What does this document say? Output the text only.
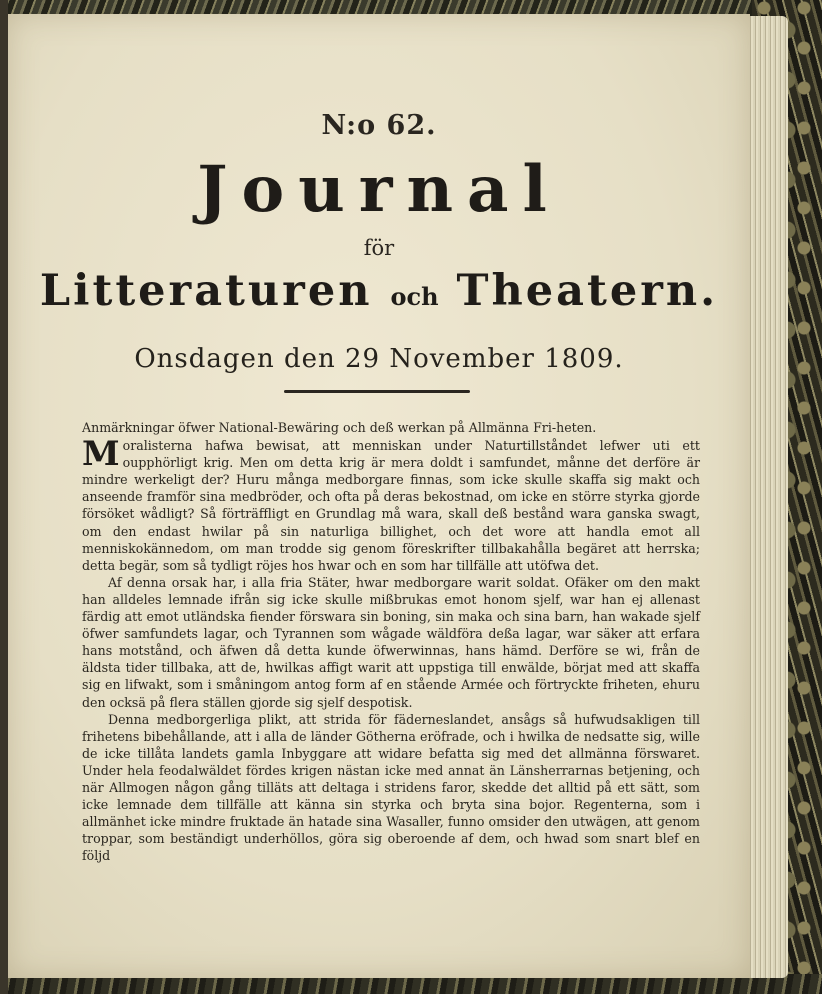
N:o 62.
Journal
för
Litteraturen och Theatern.
Onsdagen den 29 November 1809.

Anmärkningar öfwer National-Bewäring och deß werkan på Allmänna Fri-heten.

M oralisterna hafwa bewisat, att menniskan under Naturtillståndet lefwer uti ett oupphörligt krig. Men om detta krig är mera doldt i samfundet, månne det derföre är mindre werkeligt der? Huru många medborgare finnas, som icke skulle skaffa sig makt och anseende framför sina medbröder, och ofta på deras bekostnad, om icke en större styrka gjorde försöket wådligt? Så förträffligt en Grundlag må wara, skall deß bestånd wara ganska swagt, om den endast hwilar på sin naturliga billighet, och det wore att handla emot all menniskokännedom, om man trodde sig genom föreskrifter tillbakahålla begäret att herrska; detta begär, som så tydligt röjes hos hwar och en som har tillfälle att utöfwa det.

Af denna orsak har, i alla fria Stäter, hwar medborgare warit soldat. Ofäker om den makt han alldeles lemnade ifrån sig icke skulle mißbrukas emot honom sjelf, war han ej allenast färdig att emot utländska fiender förswara sin boning, sin maka och sina barn, han wakade sjelf öfwer samfundets lagar, och Tyrannen som wågade wäldföra deßa lagar, war säker att erfara hans motstånd, och äfwen då detta kunde öfwerwinnas, hans hämd. Derföre se wi, från de äldsta tider tillbaka, att de, hwilkas affigt warit att uppstiga till enwälde, börjat med att skaffa sig en lifwakt, som i småningom antog form af en stående Armée och förtryckte friheten, ehuru den ocksä på flera ställen gjorde sig sjelf despotisk.

Denna medborgerliga plikt, att strida för fäderneslandet, ansågs så hufwudsakligen till frihetens bibehållande, att i alla de länder Götherna eröfrade, och i hwilka de nedsatte sig, wille de icke tillåta landets gamla Inbyggare att widare befatta sig med det allmänna förswaret. Under hela feodalwäldet fördes krigen nästan icke med annat än Länsherrarnas betjening, och när Allmogen någon gång tilläts att deltaga i stridens faror, skedde det alltid på ett sätt, som icke lemnade dem tillfälle att känna sin styrka och bryta sina bojor. Regenterna, som i allmänhet icke mindre fruktade än hatade sina Wasaller, funno omsider den utwägen, att genom troppar, som beständigt underhöllos, göra sig oberoende af dem, och hwad som snart blef en följd
